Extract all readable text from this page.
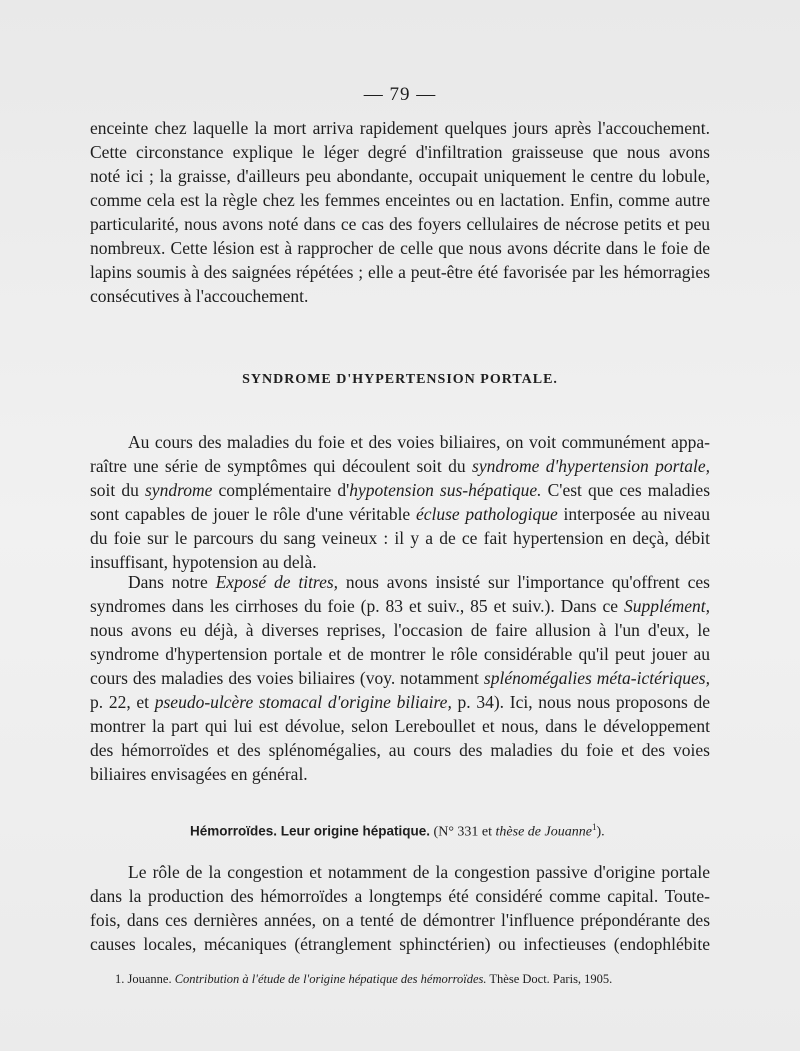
— 79 —
enceinte chez laquelle la mort arriva rapidement quelques jours après l'accouchement.
Cette circonstance explique le léger degré d'infiltration graisseuse que nous avons
noté ici ; la graisse, d'ailleurs peu abondante, occupait uniquement le centre du lobule,
comme cela est la règle chez les femmes enceintes ou en lactation. Enfin, comme autre
particularité, nous avons noté dans ce cas des foyers cellulaires de nécrose petits et peu
nombreux. Cette lésion est à rapprocher de celle que nous avons décrite dans le foie de
lapins soumis à des saignées répétées ; elle a peut-être été favorisée par les hémorragies
consécutives à l'accouchement.
SYNDROME D'HYPERTENSION PORTALE.
Au cours des maladies du foie et des voies biliaires, on voit communément appa-
raître une série de symptômes qui découlent soit du syndrome d'hypertension portale,
soit du syndrome complémentaire d'hypotension sus-hépatique. C'est que ces maladies
sont capables de jouer le rôle d'une véritable écluse pathologique interposée au niveau
du foie sur le parcours du sang veineux : il y a de ce fait hypertension en deçà, débit
insuffisant, hypotension au delà.
Dans notre Exposé de titres, nous avons insisté sur l'importance qu'offrent ces
syndromes dans les cirrhoses du foie (p. 83 et suiv., 85 et suiv.). Dans ce Supplément,
nous avons eu déjà, à diverses reprises, l'occasion de faire allusion à l'un d'eux, le
syndrome d'hypertension portale et de montrer le rôle considérable qu'il peut jouer au
cours des maladies des voies biliaires (voy. notamment splénomégalies méta-ictériques,
p. 22, et pseudo-ulcère stomacal d'origine biliaire, p. 34). Ici, nous nous proposons de
montrer la part qui lui est dévolue, selon Lereboullet et nous, dans le développement
des hémorroïdes et des splénomégalies, au cours des maladies du foie et des voies
biliaires envisagées en général.
Hémorroïdes. Leur origine hépatique. (N° 331 et thèse de Jouanne$^1$).
Le rôle de la congestion et notamment de la congestion passive d'origine portale
dans la production des hémorroïdes a longtemps été considéré comme capital. Toute-
fois, dans ces dernières années, on a tenté de démontrer l'influence prépondérante des
causes locales, mécaniques (étranglement sphinctérien) ou infectieuses (endophlébite
1. Jouanne. Contribution à l'étude de l'origine hépatique des hémorroïdes. Thèse Doct. Paris, 1905.
